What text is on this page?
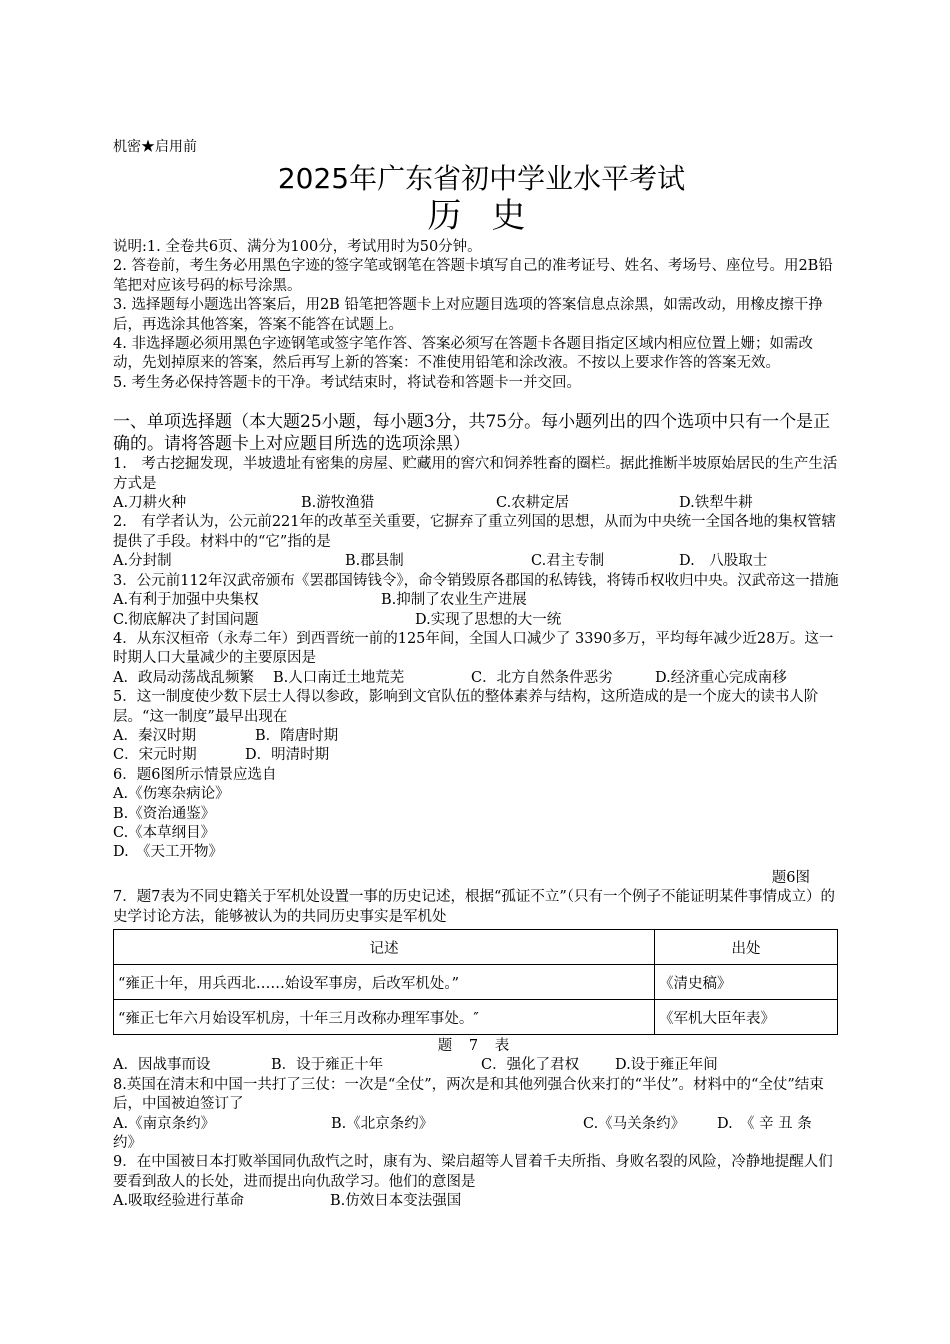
机密★启用前
2025年广东省初中学业水平考试
历史
说明:1. 全卷共6页、满分为100分，考试用时为50分钟。
2. 答卷前，考生务必用黑色字迹的签字笔或钢笔在答题卡填写自己的准考证号、姓名、考场号、座位号。用2B铅笔把对应该号码的标号涂黑。
3. 选择题每小题选出答案后，用2B 铅笔把答题卡上对应题目选项的答案信息点涂黑，如需改动，用橡皮擦干挣后，再选涂其他答案，答案不能答在试题上。
4. 非选择题必须用黑色字迹钢笔或签字笔作答、答案必须写在答题卡各题目指定区域内相应位置上姗；如需改动，先划掉原来的答案，然后再写上新的答案：不准使用铅笔和涂改液。不按以上要求作答的答案无效。
5. 考生务必保持答题卡的干净。考试结束时，将试卷和答题卡一并交回。
一、单项选择题（本大题25小题，每小题3分，共75分。每小题列出的四个选项中只有一个是正确的。请将答题卡上对应题目所选的选项涂黑）
1.　考古挖掘发现，半坡遗址有密集的房屋、贮藏用的窖穴和饲养牲畜的圈栏。据此推断半坡原始居民的生产生活方式是
A.刀耕火种	B.游牧渔猎	C.农耕定居	D.铁犁牛耕
2.　有学者认为，公元前221年的改革至关重要，它摒弃了重立列国的思想，从而为中央统一全国各地的集权管辖提供了手段。材料中的“它”指的是
A.分封制	B.郡县制	C.君主专制	D.　八股取士
3．公元前112年汉武帝颁布《罢郡国铸钱令》，命令销毁原各郡国的私铸钱，将铸币权收归中央。汉武帝这一措施
A.有利于加强中央集权	B.抑制了农业生产进展
C.彻底解决了封国问题	D.实现了思想的大一统
4．从东汉桓帝（永寿二年）到西晋统一前的125年间，全国人口减少了 3390多万，平均每年减少近28万。这一时期人口大量减少的主要原因是
A．政局动荡战乱频繁	B.人口南迁土地荒芜	C．北方自然条件恶劣	D.经济重心完成南移
5．这一制度使少数下层士人得以参政，影响到文官队伍的整体素养与结构，这所造成的是一个庞大的读书人阶层。“这一制度”最早出现在
A．秦汉时期	B．隋唐时期
C．宋元时期	D．明清时期
6．题6图所示情景应选自
A.《伤寒杂病论》
B.《资治通鉴》
C.《本草纲目》
D.　《天工开物》
题6图
7．题7表为不同史籍关于军机处设置一事的历史记述，根据“孤证不立”（只有一个例子不能证明某件事情成立）的史学讨论方法，能够被认为的共同历史事实是军机处
记述	出处
“雍正十年，用兵西北……始设军事房，后改军机处。”	《清史稿》
“雍正七年六月始设军机房，十年三月改称办理军事处。″	《军机大臣年表》
题 7 表
A．因战事而设	B．设于雍正十年	C．强化了君权	D.设于雍正年间
8.英国在清末和中国一共打了三仗：一次是“全仗”，两次是和其他列强合伙来打的“半仗”。材料中的“全仗”结束后，中国被迫签订了
A.《南京条约》	B.《北京条约》	C.《马关条约》	D.　《 辛 丑 条
约》
9．在中国被日本打败举国同仇敌忾之时，康有为、梁启超等人冒着千夫所指、身败名裂的风险，冷静地提醒人们要看到敌人的长处，进而提出向仇敌学习。他们的意图是
A.吸取经验进行革命	B.仿效日本变法强国
